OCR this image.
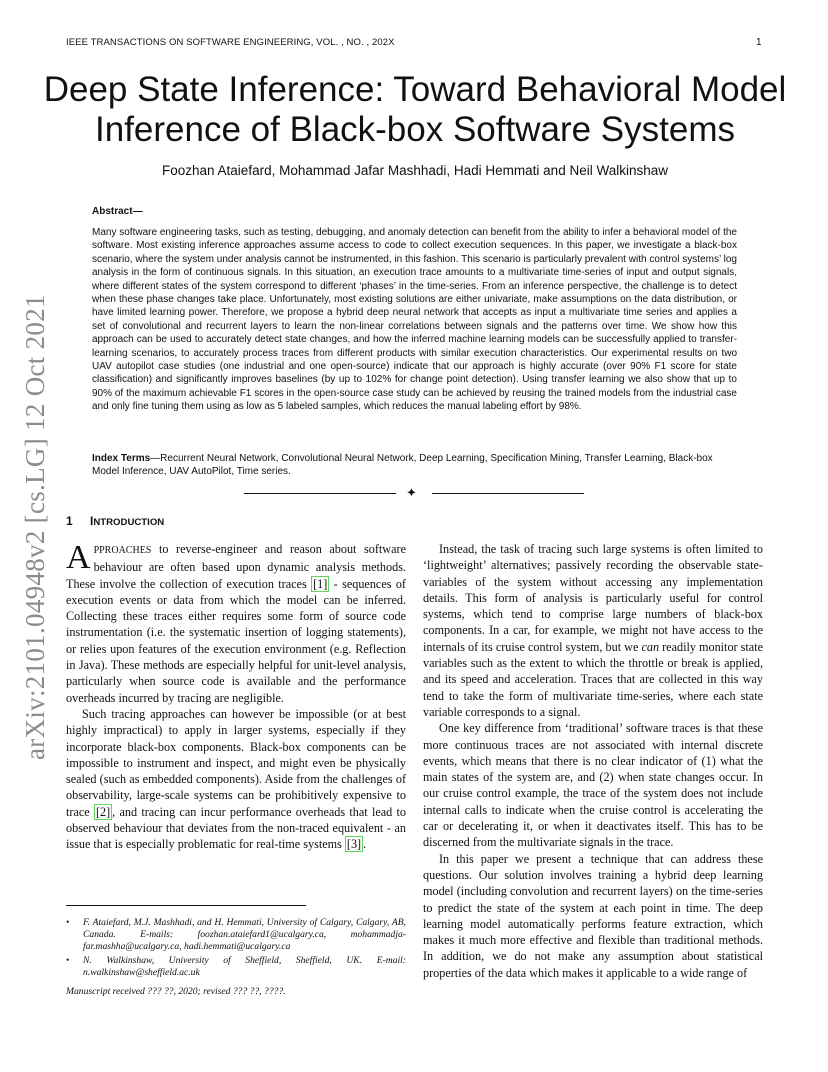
IEEE TRANSACTIONS ON SOFTWARE ENGINEERING, VOL. , NO. , 202X	1
arXiv:2101.04948v2 [cs.LG] 12 Oct 2021
Deep State Inference: Toward Behavioral Model Inference of Black-box Software Systems
Foozhan Ataiefard, Mohammad Jafar Mashhadi, Hadi Hemmati and Neil Walkinshaw
Abstract—
Many software engineering tasks, such as testing, debugging, and anomaly detection can benefit from the ability to infer a behavioral model of the software. Most existing inference approaches assume access to code to collect execution sequences. In this paper, we investigate a black-box scenario, where the system under analysis cannot be instrumented, in this fashion. This scenario is particularly prevalent with control systems’ log analysis in the form of continuous signals. In this situation, an execution trace amounts to a multivariate time-series of input and output signals, where different states of the system correspond to different ‘phases’ in the time-series. From an inference perspective, the challenge is to detect when these phase changes take place. Unfortunately, most existing solutions are either univariate, make assumptions on the data distribution, or have limited learning power. Therefore, we propose a hybrid deep neural network that accepts as input a multivariate time series and applies a set of convolutional and recurrent layers to learn the non-linear correlations between signals and the patterns over time. We show how this approach can be used to accurately detect state changes, and how the inferred machine learning models can be successfully applied to transfer-learning scenarios, to accurately process traces from different products with similar execution characteristics. Our experimental results on two UAV autopilot case studies (one industrial and one open-source) indicate that our approach is highly accurate (over 90% F1 score for state classification) and significantly improves baselines (by up to 102% for change point detection). Using transfer learning we also show that up to 90% of the maximum achievable F1 scores in the open-source case study can be achieved by reusing the trained models from the industrial case and only fine tuning them using as low as 5 labeled samples, which reduces the manual labeling effort by 98%.
Index Terms—Recurrent Neural Network, Convolutional Neural Network, Deep Learning, Specification Mining, Transfer Learning, Black-box Model Inference, UAV AutoPilot, Time series.
✦
1 INTRODUCTION

APPROACHES to reverse-engineer and reason about software behaviour are often based upon dynamic analysis methods. These involve the collection of execution traces [1] - sequences of execution events or data from which the model can be inferred. Collecting these traces either requires some form of source code instrumentation (i.e. the systematic insertion of logging statements), or relies upon features of the execution environment (e.g. Reflection in Java). These methods are especially helpful for unit-level analysis, particularly when source code is available and the performance overheads incurred by tracing are negligible.

Such tracing approaches can however be impossible (or at best highly impractical) to apply in larger systems, especially if they incorporate black-box components. Black-box components can be impossible to instrument and inspect, and might even be physically sealed (such as embedded components). Aside from the challenges of observability, large-scale systems can be prohibitively expensive to trace [2] , and tracing can incur performance overheads that lead to observed behaviour that deviates from the non-traced equivalent - an issue that is especially problematic for real-time systems [3] .

Instead, the task of tracing such large systems is often limited to ‘lightweight’ alternatives; passively recording the observable state-variables of the system without accessing any implementation details. This form of analysis is particularly useful for control systems, which tend to comprise large numbers of black-box components. In a car, for example, we might not have access to the internals of its cruise control system, but we can readily monitor state variables such as the extent to which the throttle or break is applied, and its speed and acceleration. Traces that are collected in this way tend to take the form of multivariate time-series, where each state variable corresponds to a signal.

One key difference from ‘traditional’ software traces is that these more continuous traces are not associated with internal discrete events, which means that there is no clear indicator of (1) what the main states of the system are, and (2) when state changes occur. In our cruise control example, the trace of the system does not include internal calls to indicate when the cruise control is accelerating the car or decelerating it, or when it deactivates itself. This has to be discerned from the multivariate signals in the trace.

In this paper we present a technique that can address these questions. Our solution involves training a hybrid deep learning model (including convolution and recurrent layers) on the time-series to predict the state of the system at each point in time. The deep learning model automatically performs feature extraction, which makes it much more effective and flexible than traditional methods. In addition, we do not make any assumption about statistical properties of the data which makes it applicable to a wide range of

• F. Ataiefard, M.J. Mashhadi, and H. Hemmati, University of Calgary, Calgary, AB, Canada. E-mails: foozhan.ataiefard1@ucalgary.ca, mohammadja-far.mashha@ucalgary.ca, hadi.hemmati@ucalgary.ca
• N. Walkinshaw, University of Sheffield, Sheffield, UK. E-mail: n.walkinshaw@sheffield.ac.uk
Manuscript received ??? ??, 2020; revised ??? ??, ????.
